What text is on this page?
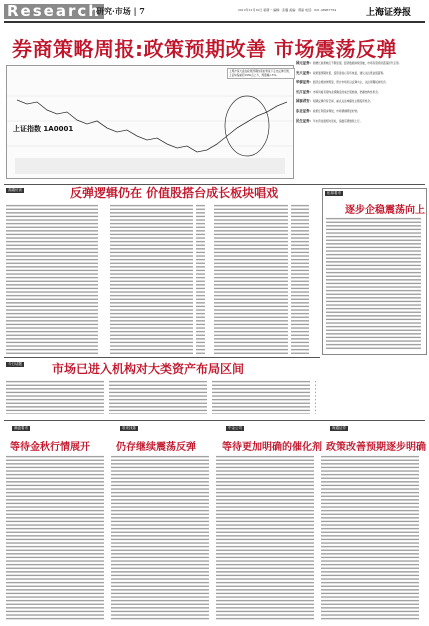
Research
研究·市场 | 7	2012年12月10日 星期一 编辑：张璐 美编：郭丽 电话：021-38967754	上海证券报
券商策略周报:政策预期改善 市场震荡反弹
上周沪深大盘在政策预期改善的背景下走出反弹行情，上证综指重回1950点上方，周涨幅1.3%。
上证指数 1A0001
国元证券：稳增长政策效应不断显现，经济数据持续回暖，市场有望延续震荡回升走势。
光大证券：政策面预期改善，投资者信心有所恢复，建议关注低估值蓝筹。
华泰证券：经济企稳迹象明显，预计市场仍以反弹为主，关注周期板块机会。
长江证券：市场风格有望向业绩确定的成长股转换，把握结构性机会。
国泰君安：短期反弹仍有空间，重点关注城镇化主题投资机会。
东北证券：政策红利逐步释放，市场情绪明显好转。
民生证券：年末资金面相对宽松，指数有望继续上行。
高端访谈	反弹逻辑仍在 价值股搭台成长板块唱戏	私募看市
逐步企稳震荡向上
今日话题	市场已进入机构对大类资产布局区间
满盘看市
等待金秋行情展开
谁来找基
仍存继续震荡反弹
中金公司
等待更加明确的催化剂
海通证券
政策改善预期逐步明确
